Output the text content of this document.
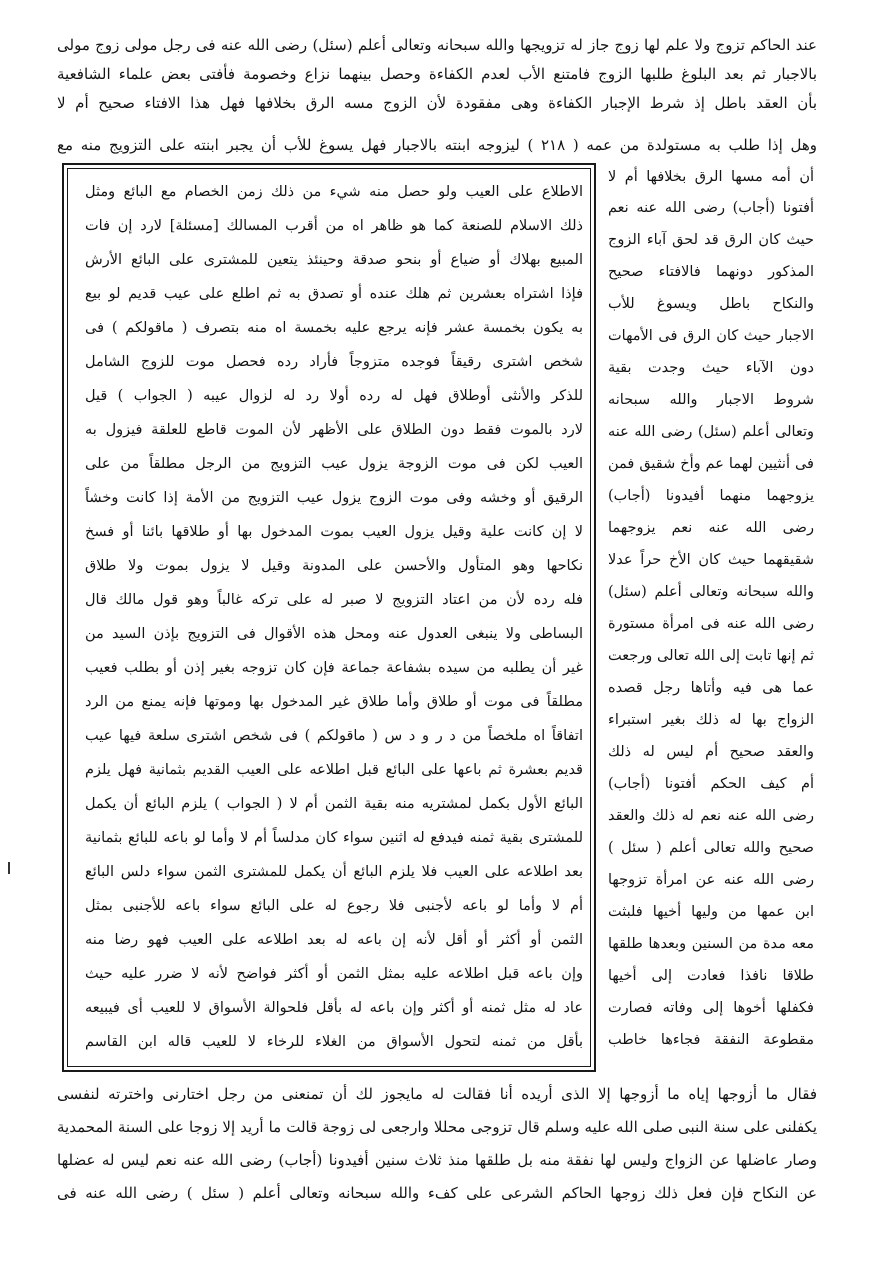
عند الحاكم تزوج ولا علم لها زوج جاز له تزويجها والله سبحانه وتعالى أعلم (سئل) رضى الله عنه فى رجل مولى زوج مولى
بالاجبار ثم بعد البلوغ طلبها الزوج فامتنع الأب لعدم الكفاءة وحصل بينهما نزاع وخصومة فأفتى بعض علماء الشافعية
بأن العقد باطل إذ شرط الإجبار الكفاءة وهى مفقودة لأن الزوج مسه الرق بخلافها فهل هذا الافتاء صحيح أم لا
وهل إذا طلب به مستولدة من عمه ( ٢١٨ ) ليزوجه ابنته بالاجبار فهل يسوغ للأب أن يجبر ابنته على التزويج منه مع
الاطلاع على العيب ولو حصل منه شيء من ذلك زمن الخصام مع البائع ومثل
ذلك الاسلام للصنعة كما هو ظاهر اه من أقرب المسالك [مسئلة] لارد إن فات
المبيع بهلاك أو ضياع أو بنحو صدقة وحينئذ يتعين للمشترى على البائع الأرش
فإذا اشتراه بعشرين ثم هلك عنده أو تصدق به ثم اطلع على عيب قديم لو بيع
به يكون بخمسة عشر فإنه يرجع عليه بخمسة اه منه بتصرف ( ماقولكم ) فى
شخص اشترى رقيقاً فوجده متزوجاً فأراد رده فحصل موت للزوج الشامل
للذكر والأنثى أوطلاق فهل له رده أولا رد له لزوال عيبه ( الجواب ) قيل
لارد بالموت فقط دون الطلاق على الأظهر لأن الموت قاطع للعلقة فيزول به
العيب لكن فى موت الزوجة يزول عيب التزويج من الرجل مطلقاً من على
الرقيق أو وخشه وفى موت الزوج يزول عيب التزويج من الأمة إذا كانت وخشاً
لا إن كانت علية وقيل يزول العيب بموت المدخول بها أو طلاقها بائنا أو فسخ
نكاحها وهو المتأول والأحسن على المدونة وقيل لا يزول بموت ولا طلاق
فله رده لأن من اعتاد التزويج لا صبر له على تركه غالباً وهو قول مالك قال
البساطى ولا ينبغى العدول عنه ومحل هذه الأقوال فى التزويج بإذن السيد من
غير أن يطلبه من سيده بشفاعة جماعة فإن كان تزوجه بغير إذن أو بطلب فعيب
مطلقاً فى موت أو طلاق وأما طلاق غير المدخول بها وموتها فإنه يمنع من الرد
اتفاقاً اه ملخصاً من د ر و د س ( ماقولكم ) فى شخص اشترى سلعة فيها عيب
قديم بعشرة ثم باعها على البائع قبل اطلاعه على العيب القديم بثمانية فهل يلزم
البائع الأول بكمل لمشتريه منه بقية الثمن أم لا ( الجواب ) يلزم البائع أن يكمل
للمشترى بقية ثمنه فيدفع له اثنين سواء كان مدلساً أم لا وأما لو باعه للبائع بثمانية
بعد اطلاعه على العيب فلا يلزم البائع أن يكمل للمشترى الثمن سواء دلس البائع
أم لا وأما لو باعه لأجنبى فلا رجوع له على البائع سواء باعه للأجنبى بمثل
الثمن أو أكثر أو أقل لأنه إن باعه له بعد اطلاعه على العيب فهو رضا منه
وإن باعه قبل اطلاعه عليه بمثل الثمن أو أكثر فواضح لأنه لا ضرر عليه حيث
عاد له مثل ثمنه أو أكثر وإن باعه له بأقل فلحوالة الأسواق لا للعيب أى فيبيعه
بأقل من ثمنه لتحول الأسواق من الغلاء للرخاء لا للعيب قاله ابن القاسم
أن أمه مسها الرق بخلافها أم لا
أفتونا (أجاب) رضى الله عنه نعم
حيث كان الرق قد لحق آباء الزوج
المذكور دونهما فالافتاء صحيح
والنكاح باطل ويسوغ للأب
الاجبار حيث كان الرق فى الأمهات
دون الآباء حيث وجدت بقية
شروط الاجبار والله سبحانه
وتعالى أعلم (سئل) رضى الله عنه
فى أنثيين لهما عم وأخ شقيق فمن
يزوجهما منهما أفيدونا (أجاب)
رضى الله عنه نعم يزوجهما
شقيقهما حيث كان الأخ حراً عدلا
والله سبحانه وتعالى أعلم (سئل)
رضى الله عنه فى امرأة مستورة
ثم إنها تابت إلى الله تعالى ورجعت
عما هى فيه وأتاها رجل قصده
الزواج بها له ذلك بغير استبراء
والعقد صحيح أم ليس له ذلك
أم كيف الحكم أفتونا (أجاب)
رضى الله عنه نعم له ذلك والعقد
صحيح والله تعالى أعلم ( سئل )
رضى الله عنه عن امرأة تزوجها
ابن عمها من وليها أخيها فلبثت
معه مدة من السنين وبعدها طلقها
طلاقا نافذا فعادت إلى أخيها
فكفلها أخوها إلى وفاته فصارت
مقطوعة النفقة فجاءها خاطب
فقال ما أزوجها إياه ما أزوجها إلا الذى أريده أنا فقالت له مايجوز لك أن تمنعنى من رجل اختارنى واخترته لنفسى
يكفلنى على سنة النبى صلى الله عليه وسلم قال تزوجى محللا وارجعى لى زوجة قالت ما أريد إلا زوجا على السنة المحمدية
وصار عاضلها عن الزواج وليس لها نفقة منه بل طلقها منذ ثلاث سنين أفيدونا (أجاب) رضى الله عنه نعم ليس له عضلها
عن النكاح فإن فعل ذلك زوجها الحاكم الشرعى على كفء والله سبحانه وتعالى أعلم ( سئل ) رضى الله عنه فى
